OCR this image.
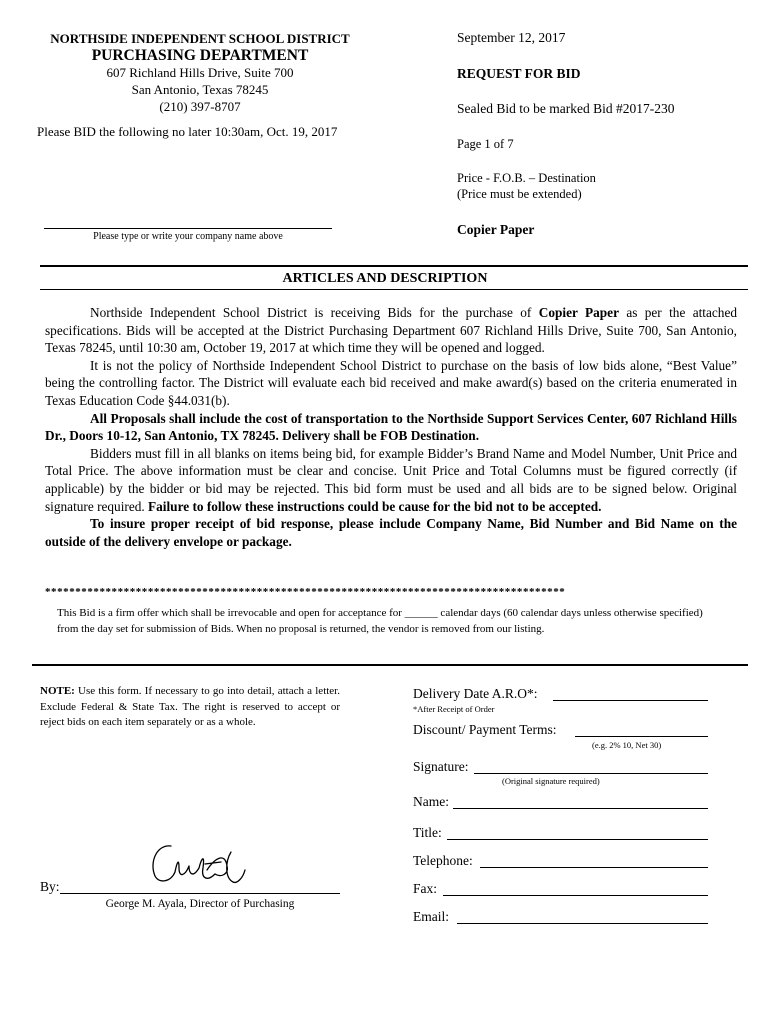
NORTHSIDE INDEPENDENT SCHOOL DISTRICT
PURCHASING DEPARTMENT
607 Richland Hills Drive, Suite 700
San Antonio, Texas 78245
(210) 397-8707
Please BID the following no later 10:30am, Oct. 19, 2017
Please type or write your company name above
September 12, 2017
REQUEST FOR BID
Sealed Bid to be marked Bid #2017-230
Page 1 of 7
Price - F.O.B. – Destination
(Price must be extended)
Copier Paper
ARTICLES AND DESCRIPTION

Northside Independent School District is receiving Bids for the purchase of Copier Paper as per the attached specifications. Bids will be accepted at the District Purchasing Department 607 Richland Hills Drive, Suite 700, San Antonio, Texas 78245, until 10:30 am, October 19, 2017 at which time they will be opened and logged.

It is not the policy of Northside Independent School District to purchase on the basis of low bids alone, “Best Value” being the controlling factor. The District will evaluate each bid received and make award(s) based on the criteria enumerated in Texas Education Code §44.031(b).

All Proposals shall include the cost of transportation to the Northside Support Services Center, 607 Richland Hills Dr., Doors 10-12, San Antonio, TX 78245. Delivery shall be FOB Destination.

Bidders must fill in all blanks on items being bid, for example Bidder’s Brand Name and Model Number, Unit Price and Total Price. The above information must be clear and concise. Unit Price and Total Columns must be figured correctly (if applicable) by the bidder or bid may be rejected. This bid form must be used and all bids are to be signed below. Original signature required. Failure to follow these instructions could be cause for the bid not to be accepted.

To insure proper receipt of bid response, please include Company Name, Bid Number and Bid Name on the outside of the delivery envelope or package.

**************************************************************************************
This Bid is a firm offer which shall be irrevocable and open for acceptance for ______ calendar days (60 calendar days unless otherwise specified) from the day set for submission of Bids. When no proposal is returned, the vendor is removed from our listing.
NOTE: Use this form. If necessary to go into detail, attach a letter. Exclude Federal & State Tax. The right is reserved to accept or reject bids on each item separately or as a whole.
By:
George M. Ayala, Director of Purchasing
Delivery Date A.R.O*:
*After Receipt of Order
Discount/ Payment Terms:
(e.g. 2% 10, Net 30)
Signature:
(Original signature required)
Name:
Title:
Telephone:
Fax:
Email:
